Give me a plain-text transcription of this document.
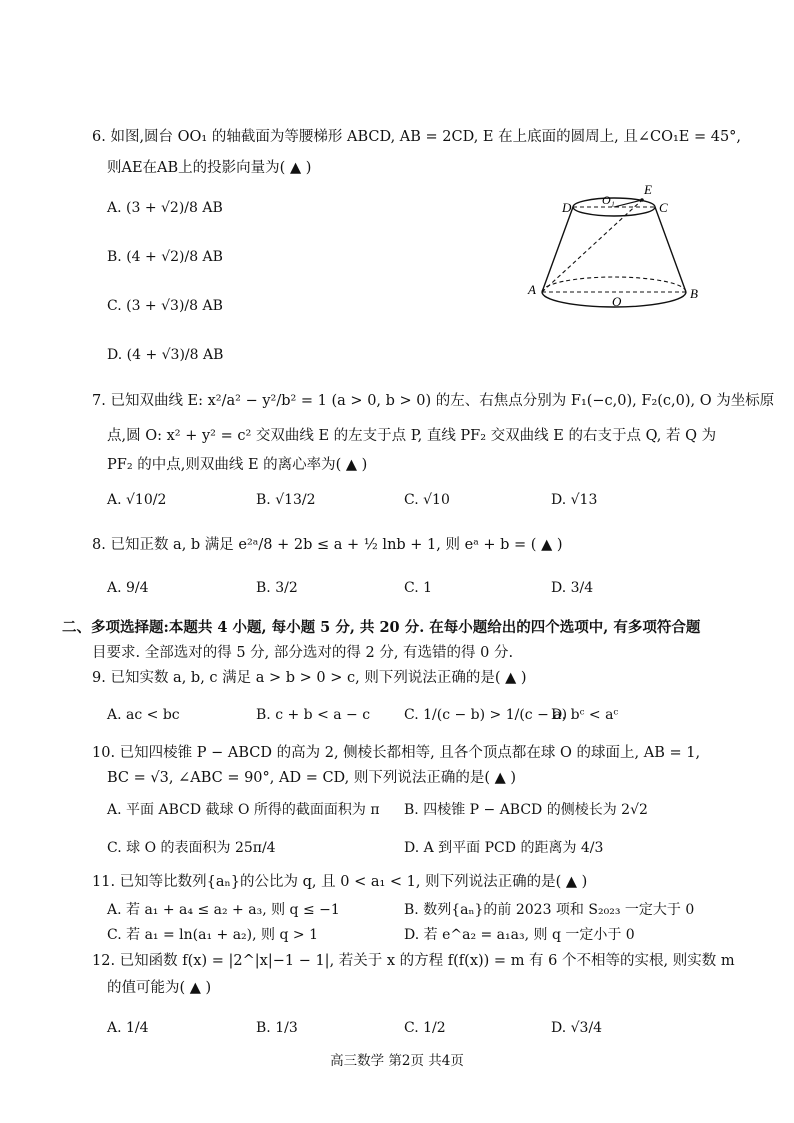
6. 如图,圆台 OO₁ 的轴截面为等腰梯形 ABCD, AB = 2CD, E 在上底面的圆周上, 且∠CO₁E = 45°,
则AE在AB上的投影向量为( ▲ )
A. (3 + √2)/8 AB
B. (4 + √2)/8 AB
C. (3 + √3)/8 AB
D. (4 + √3)/8 AB
D	O₁	C
E
A
O
B
7. 已知双曲线 E: x²/a² − y²/b² = 1 (a > 0, b > 0) 的左、右焦点分别为 F₁(−c,0), F₂(c,0), O 为坐标原
点,圆 O: x² + y² = c² 交双曲线 E 的左支于点 P, 直线 PF₂ 交双曲线 E 的右支于点 Q, 若 Q 为
PF₂ 的中点,则双曲线 E 的离心率为( ▲ )
A. √10/2	B. √13/2	C. √10	D. √13
8. 已知正数 a, b 满足 e²ᵃ/8 + 2b ≤ a + ½ lnb + 1, 则 eᵃ + b = ( ▲ )
A. 9/4	B. 3/2	C. 1	D. 3/4
二、多项选择题:本题共 4 小题, 每小题 5 分, 共 20 分. 在每小题给出的四个选项中, 有多项符合题
目要求. 全部选对的得 5 分, 部分选对的得 2 分, 有选错的得 0 分.
9. 已知实数 a, b, c 满足 a > b > 0 > c, 则下列说法正确的是( ▲ )
A. ac < bc	B. c + b < a − c C. 1/(c − b) > 1/(c − a)
D. bᶜ < aᶜ
10. 已知四棱锥 P − ABCD 的高为 2, 侧棱长都相等, 且各个顶点都在球 O 的球面上, AB = 1,
BC = √3, ∠ABC = 90°, AD = CD, 则下列说法正确的是( ▲ )
A. 平面 ABCD 截球 O 所得的截面面积为 π B. 四棱锥 P − ABCD 的侧棱长为 2√2
C. 球 O 的表面积为 25π/4	D. A 到平面 PCD 的距离为 4/3
11. 已知等比数列{aₙ}的公比为 q, 且 0 < a₁ < 1, 则下列说法正确的是( ▲ )
A. 若 a₁ + a₄ ≤ a₂ + a₃, 则 q ≤ −1	B. 数列{aₙ}的前 2023 项和 S₂₀₂₃ 一定大于 0
C. 若 a₁ = ln(a₁ + a₂), 则 q > 1	D. 若 e^a₂ = a₁a₃, 则 q 一定小于 0
12. 已知函数 f(x) = |2^|x|−1 − 1|, 若关于 x 的方程 f(f(x)) = m 有 6 个不相等的实根, 则实数 m
的值可能为( ▲ )
A. 1/4	B. 1/3	C. 1/2	D. √3/4
高三数学 第2页 共4页
